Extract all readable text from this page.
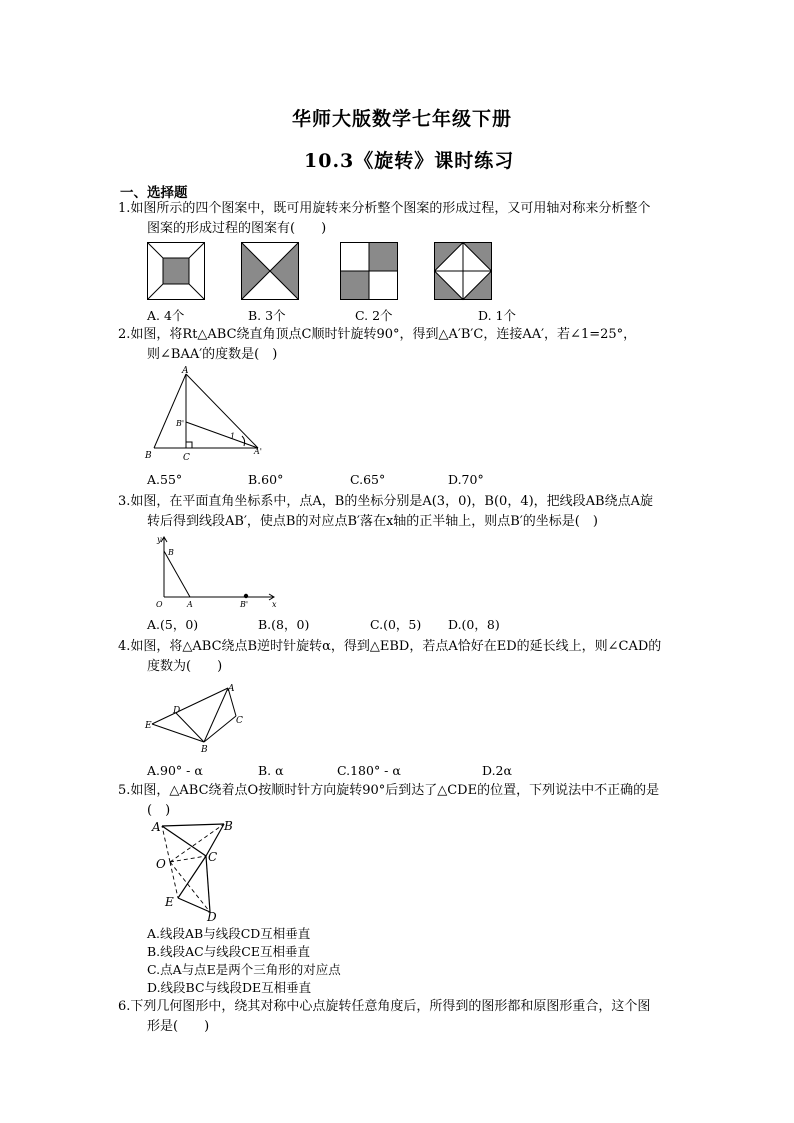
华师大版数学七年级下册
10.3《旋转》课时练习
一、选择题
1.如图所示的四个图案中，既可用旋转来分析整个图案的形成过程，又可用轴对称来分析整个
图案的形成过程的图案有(　　)
A. 4个	B. 3个	C. 2个	D. 1个
2.如图，将Rt△ABC绕直角顶点C顺时针旋转90°，得到△A′B′C，连接AA′，若∠1=25°，
则∠BAA′的度数是(　)
A
B	C
B'
A'
1
A.55°	B.60°	C.65°	D.70°
3.如图，在平面直角坐标系中，点A，B的坐标分别是A(3，0)，B(0，4)，把线段AB绕点A旋
转后得到线段AB′，使点B的对应点B′落在x轴的正半轴上，则点B′的坐标是(　)
y
B
O	A	B'	x
A.(5，0)	B.(8，0)	C.(0，5) D.(0，8)
4.如图，将△ABC绕点B逆时针旋转α，得到△EBD，若点A恰好在ED的延长线上，则∠CAD的
度数为(　　)
A
C
D
E
B
A.90° - α	B. α	C.180° - α	D.2α
5.如图，△ABC绕着点O按顺时针方向旋转90°后到达了△CDE的位置，下列说法中不正确的是
(　)
A	B
O	C
E
D
A.线段AB与线段CD互相垂直
B.线段AC与线段CE互相垂直
C.点A与点E是两个三角形的对应点
D.线段BC与线段DE互相垂直
6.下列几何图形中，绕其对称中心点旋转任意角度后，所得到的图形都和原图形重合，这个图
形是(　　)
